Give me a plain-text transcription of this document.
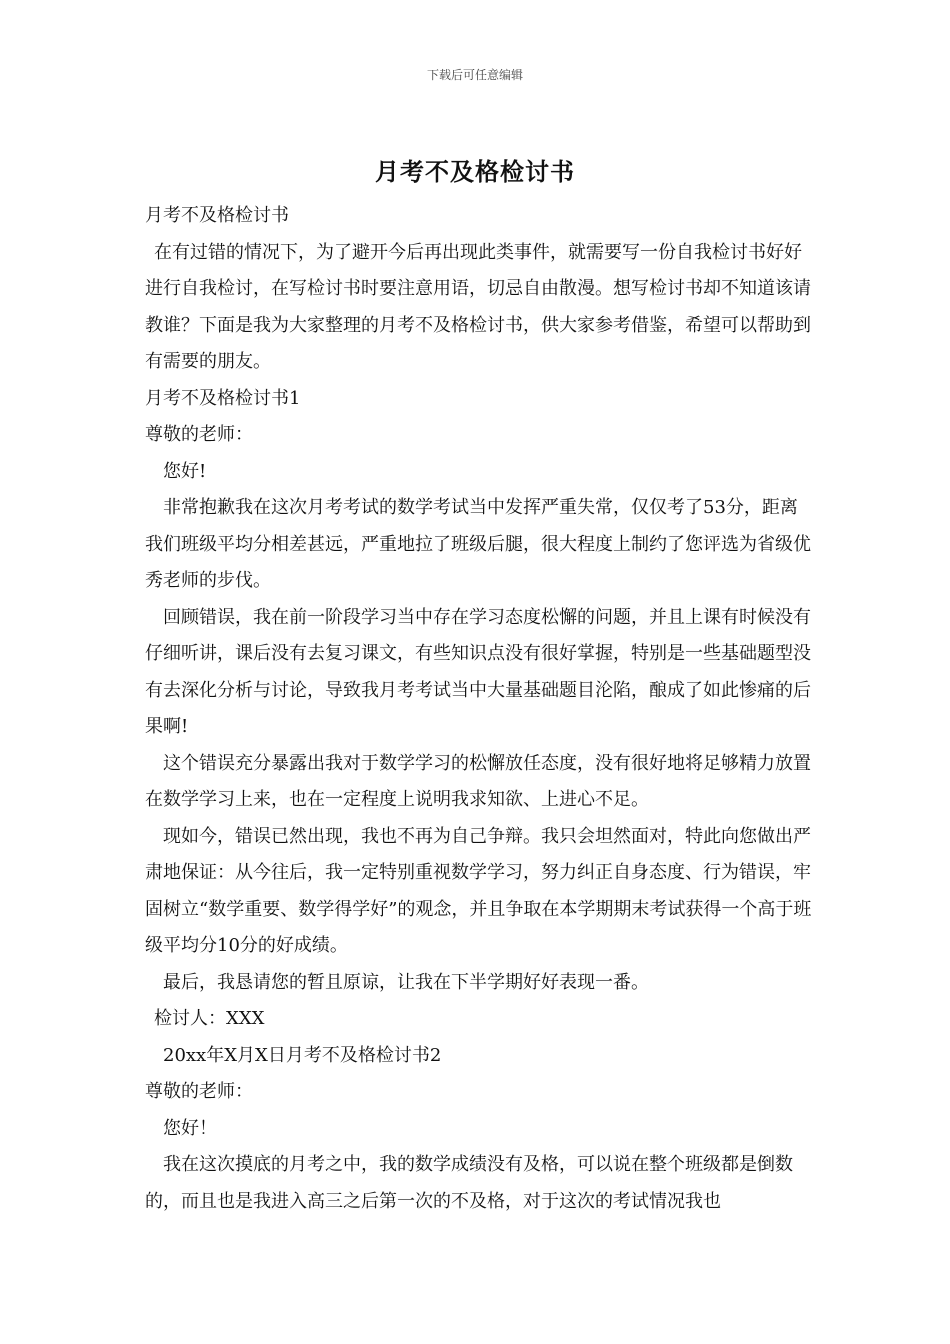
下载后可任意编辑
月考不及格检讨书

月考不及格检讨书

在有过错的情况下，为了避开今后再出现此类事件，就需要写一份自我检讨书好好进行自我检讨，在写检讨书时要注意用语，切忌自由散漫。想写检讨书却不知道该请教谁？下面是我为大家整理的月考不及格检讨书，供大家参考借鉴，希望可以帮助到有需要的朋友。

月考不及格检讨书1

尊敬的老师：

您好!

非常抱歉我在这次月考考试的数学考试当中发挥严重失常，仅仅考了53分，距离我们班级平均分相差甚远，严重地拉了班级后腿，很大程度上制约了您评选为省级优秀老师的步伐。

回顾错误，我在前一阶段学习当中存在学习态度松懈的问题，并且上课有时候没有仔细听讲，课后没有去复习课文，有些知识点没有很好掌握，特别是一些基础题型没有去深化分析与讨论，导致我月考考试当中大量基础题目沦陷，酿成了如此惨痛的后果啊!

这个错误充分暴露出我对于数学学习的松懈放任态度，没有很好地将足够精力放置在数学学习上来，也在一定程度上说明我求知欲、上进心不足。

现如今，错误已然出现，我也不再为自己争辩。我只会坦然面对，特此向您做出严肃地保证：从今往后，我一定特别重视数学学习，努力纠正自身态度、行为错误，牢固树立“数学重要、数学得学好”的观念，并且争取在本学期期末考试获得一个高于班级平均分10分的好成绩。

最后，我恳请您的暂且原谅，让我在下半学期好好表现一番。

检讨人：XXX

20xx年X月X日月考不及格检讨书2

尊敬的老师：

您好！

我在这次摸底的月考之中，我的数学成绩没有及格，可以说在整个班级都是倒数的，而且也是我进入高三之后第一次的不及格，对于这次的考试情况我也
